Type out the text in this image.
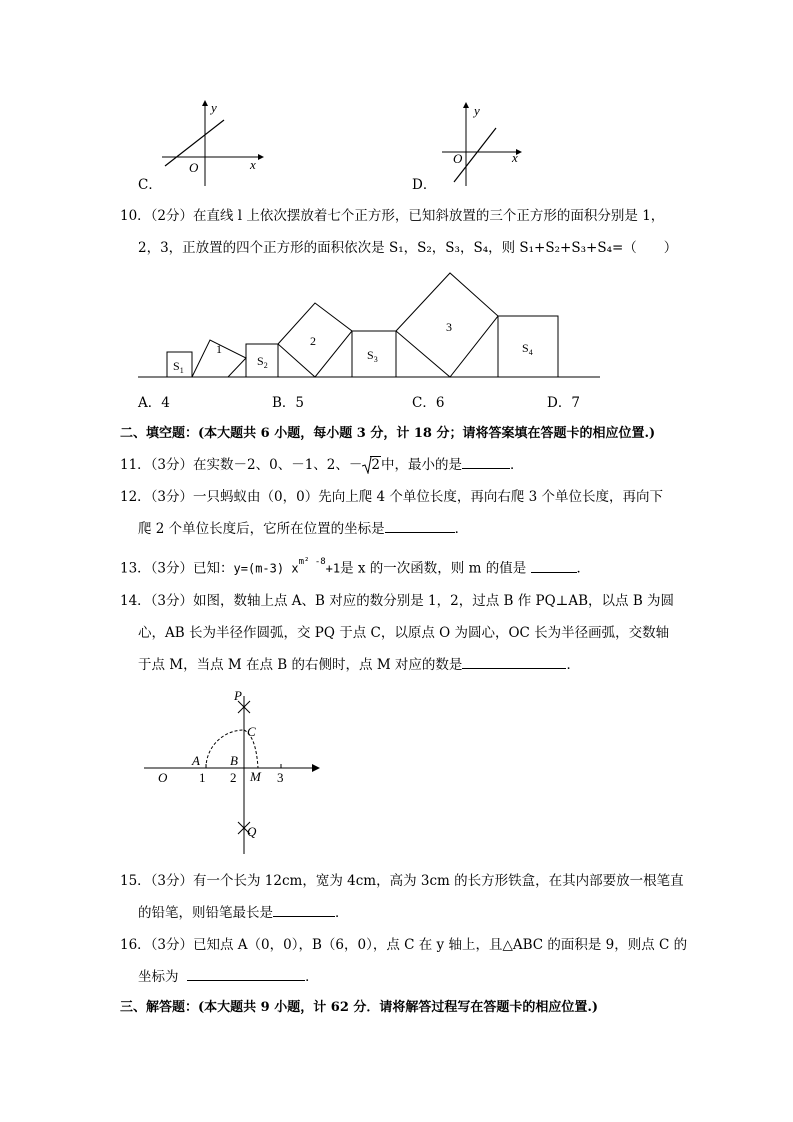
y
x
O
C．
y
x
O
D．
10．（2分）在直线 l 上依次摆放着七个正方形，已知斜放置的三个正方形的面积分别是 1，
2，3，正放置的四个正方形的面积依次是 S₁，S₂，S₃，S₄，则 S₁+S₂+S₃+S₄=（　　）
1
2
3
$S_1$
$S_2$
$S_3$
$S_4$
A．4	B．5	C．6	D．7
二、填空题：(本大题共 6 小题，每小题 3 分，计 18 分；请将答案填在答题卡的相应位置.)
11．（3分）在实数－2、0、－1、2、－ 2中，最小的是	．
12．（3分）一只蚂蚁由（0，0）先向上爬 4 个单位长度，再向右爬 3 个单位长度，再向下
爬 2 个单位长度后，它所在位置的坐标是	．
13．（3分）已知：y=(m-3) $x^{m^2 -8}+1$是 x 的一次函数，则 m 的值是	．
14．（3分）如图，数轴上点 A、B 对应的数分别是 1，2，过点 B 作 PQ⊥AB，以点 B 为圆
心，AB 长为半径作圆弧，交 PQ 于点 C，以原点 O 为圆心，OC 长为半径画弧，交数轴
于点 M，当点 M 在点 B 的右侧时，点 M 对应的数是	．
P
C
A B
O 1 2 M 3
Q
15．（3分）有一个长为 12cm，宽为 4cm，高为 3cm 的长方形铁盒，在其内部要放一根笔直
的铅笔，则铅笔最长是	．
16．（3分）已知点 A（0，0），B（6，0），点 C 在 y 轴上，且△ABC 的面积是 9，则点 C 的
坐标为	．
三、解答题：(本大题共 9 小题，计 62 分．请将解答过程写在答题卡的相应位置.)
